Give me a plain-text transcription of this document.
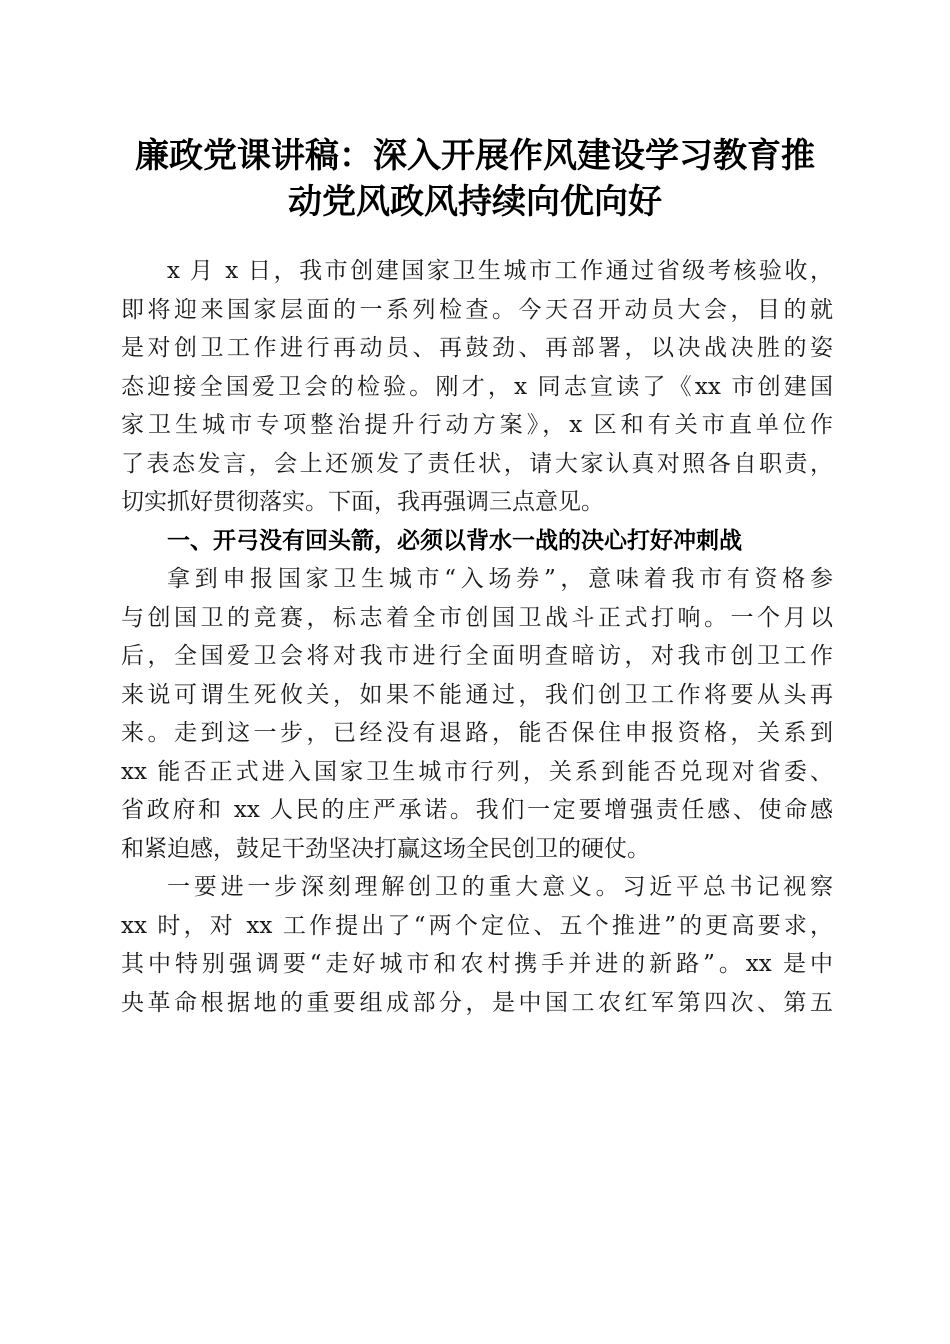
廉政党课讲稿：深入开展作风建设学习教育推
动党风政风持续向优向好

x 月 x 日，我市创建国家卫生城市工作通过省级考核验收，
即将迎来国家层面的一系列检查。今天召开动员大会，目的就
是对创卫工作进行再动员、再鼓劲、再部署，以决战决胜的姿
态迎接全国爱卫会的检验。刚才，x 同志宣读了《xx 市创建国
家卫生城市专项整治提升行动方案》，x 区和有关市直单位作
了表态发言，会上还颁发了责任状，请大家认真对照各自职责，
切实抓好贯彻落实。下面，我再强调三点意见。

一、开弓没有回头箭，必须以背水一战的决心打好冲刺战

拿到申报国家卫生城市“入场券”，意味着我市有资格参
与创国卫的竞赛，标志着全市创国卫战斗正式打响。一个月以
后，全国爱卫会将对我市进行全面明查暗访，对我市创卫工作
来说可谓生死攸关，如果不能通过，我们创卫工作将要从头再
来。走到这一步，已经没有退路，能否保住申报资格，关系到
xx 能否正式进入国家卫生城市行列，关系到能否兑现对省委、
省政府和 xx 人民的庄严承诺。我们一定要增强责任感、使命感
和紧迫感，鼓足干劲坚决打赢这场全民创卫的硬仗。

一要进一步深刻理解创卫的重大意义。习近平总书记视察
xx 时，对 xx 工作提出了“两个定位、五个推进”的更高要求，
其中特别强调要“走好城市和农村携手并进的新路”。xx 是中
央革命根据地的重要组成部分，是中国工农红军第四次、第五
